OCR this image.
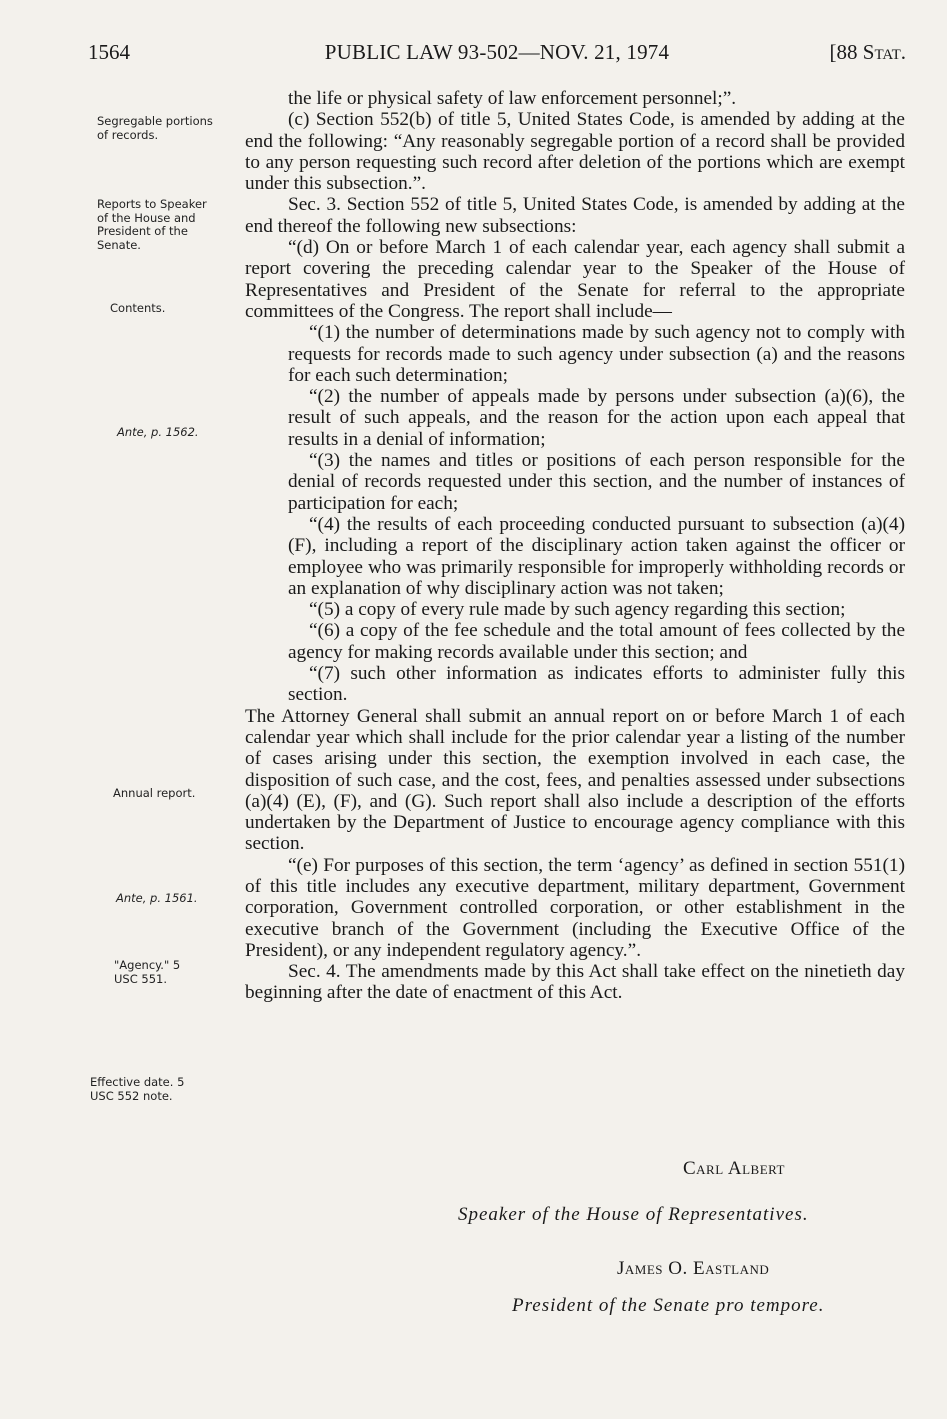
1564	PUBLIC LAW 93-502—NOV. 21, 1974	[88 Stat.
Segregable portions of records.
Reports to Speaker of the House and President of the Senate.
Contents.
Ante, p. 1562.
Annual report.
Ante, p. 1561.
"Agency." 5 USC 551.
Effective date. 5 USC 552 note.

the life or physical safety of law enforcement personnel;”.

(c) Section 552(b) of title 5, United States Code, is amended by adding at the end the following: “Any reasonably segregable portion of a record shall be provided to any person requesting such record after deletion of the portions which are exempt under this subsection.”.

Sec. 3. Section 552 of title 5, United States Code, is amended by adding at the end thereof the following new subsections:

“(d) On or before March 1 of each calendar year, each agency shall submit a report covering the preceding calendar year to the Speaker of the House of Representatives and President of the Senate for referral to the appropriate committees of the Congress. The report shall include—

“(1) the number of determinations made by such agency not to comply with requests for records made to such agency under subsection (a) and the reasons for each such determination;

“(2) the number of appeals made by persons under subsection (a)(6), the result of such appeals, and the reason for the action upon each appeal that results in a denial of information;

“(3) the names and titles or positions of each person responsible for the denial of records requested under this section, and the number of instances of participation for each;

“(4) the results of each proceeding conducted pursuant to subsection (a)(4)(F), including a report of the disciplinary action taken against the officer or employee who was primarily responsible for improperly withholding records or an explanation of why disciplinary action was not taken;

“(5) a copy of every rule made by such agency regarding this section;

“(6) a copy of the fee schedule and the total amount of fees collected by the agency for making records available under this section; and

“(7) such other information as indicates efforts to administer fully this section.

The Attorney General shall submit an annual report on or before March 1 of each calendar year which shall include for the prior calendar year a listing of the number of cases arising under this section, the exemption involved in each case, the disposition of such case, and the cost, fees, and penalties assessed under subsections (a)(4) (E), (F), and (G). Such report shall also include a description of the efforts undertaken by the Department of Justice to encourage agency compliance with this section.

“(e) For purposes of this section, the term ‘agency’ as defined in section 551(1) of this title includes any executive department, military department, Government corporation, Government controlled corporation, or other establishment in the executive branch of the Government (including the Executive Office of the President), or any independent regulatory agency.”.

Sec. 4. The amendments made by this Act shall take effect on the ninetieth day beginning after the date of enactment of this Act.

Carl Albert
Speaker of the House of Representatives.
James O. Eastland
President of the Senate pro tempore.
